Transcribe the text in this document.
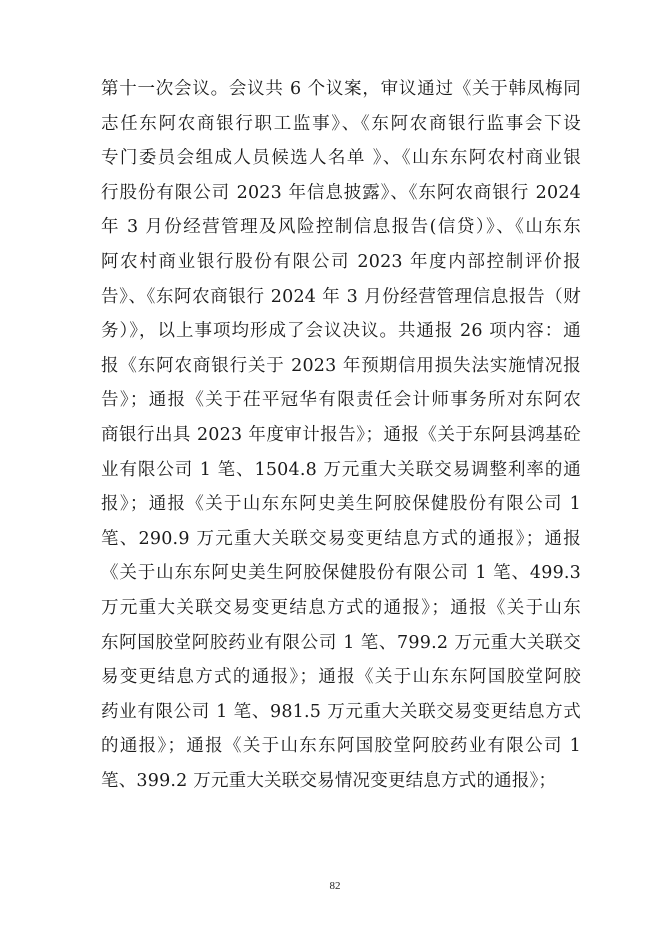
第十一次会议。会议共 6 个议案，审议通过《关于韩凤梅同
志任东阿农商银行职工监事》、《东阿农商银行监事会下设
专门委员会组成人员候选人名单 》、《山东东阿农村商业银
行股份有限公司 2023 年信息披露》、《东阿农商银行 2024
年 3 月份经营管理及风险控制信息报告(信贷）》、《山东东
阿农村商业银行股份有限公司 2023 年度内部控制评价报
告》、《东阿农商银行 2024 年 3 月份经营管理信息报告（财
务）》，以上事项均形成了会议决议。共通报 26 项内容：通
报《东阿农商银行关于 2023 年预期信用损失法实施情况报
告》；通报《关于茌平冠华有限责任会计师事务所对东阿农
商银行出具 2023 年度审计报告》；通报《关于东阿县鸿基砼
业有限公司 1 笔、1504.8 万元重大关联交易调整利率的通
报》；通报《关于山东东阿史美生阿胶保健股份有限公司 1
笔、290.9 万元重大关联交易变更结息方式的通报》；通报
《关于山东东阿史美生阿胶保健股份有限公司 1 笔、499.3
万元重大关联交易变更结息方式的通报》；通报《关于山东
东阿国胶堂阿胶药业有限公司 1 笔、799.2 万元重大关联交
易变更结息方式的通报》；通报《关于山东东阿国胶堂阿胶
药业有限公司 1 笔、981.5 万元重大关联交易变更结息方式
的通报》；通报《关于山东东阿国胶堂阿胶药业有限公司 1
笔、399.2 万元重大关联交易情况变更结息方式的通报》；
82
